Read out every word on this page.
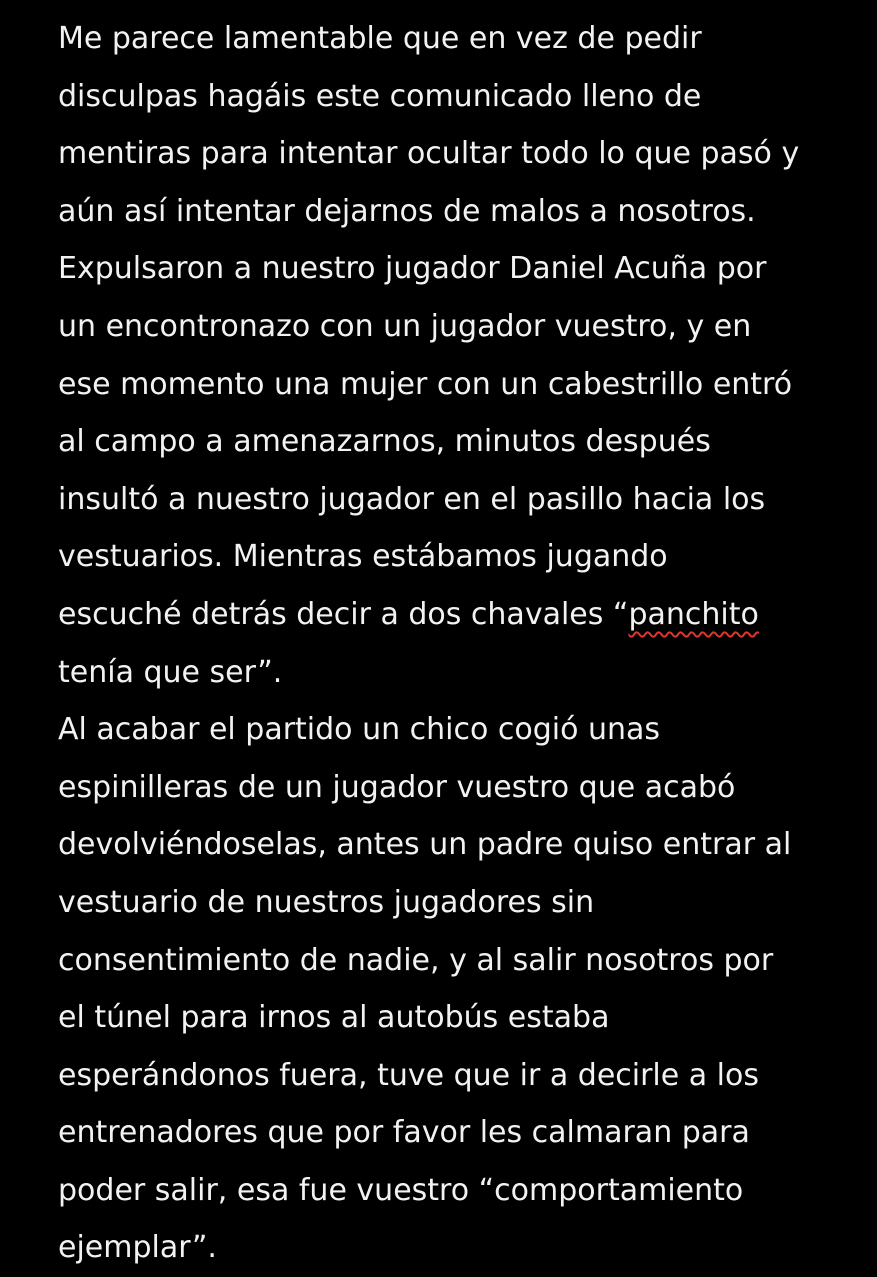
Me parece lamentable que en vez de pedir
disculpas hagáis este comunicado lleno de
mentiras para intentar ocultar todo lo que pasó y
aún así intentar dejarnos de malos a nosotros.
Expulsaron a nuestro jugador Daniel Acuña por
un encontronazo con un jugador vuestro, y en
ese momento una mujer con un cabestrillo entró
al campo a amenazarnos, minutos después
insultó a nuestro jugador en el pasillo hacia los
vestuarios. Mientras estábamos jugando
escuché detrás decir a dos chavales “panchito
tenía que ser”.
Al acabar el partido un chico cogió unas
espinilleras de un jugador vuestro que acabó
devolviéndoselas, antes un padre quiso entrar al
vestuario de nuestros jugadores sin
consentimiento de nadie, y al salir nosotros por
el túnel para irnos al autobús estaba
esperándonos fuera, tuve que ir a decirle a los
entrenadores que por favor les calmaran para
poder salir, esa fue vuestro “comportamiento
ejemplar”.
